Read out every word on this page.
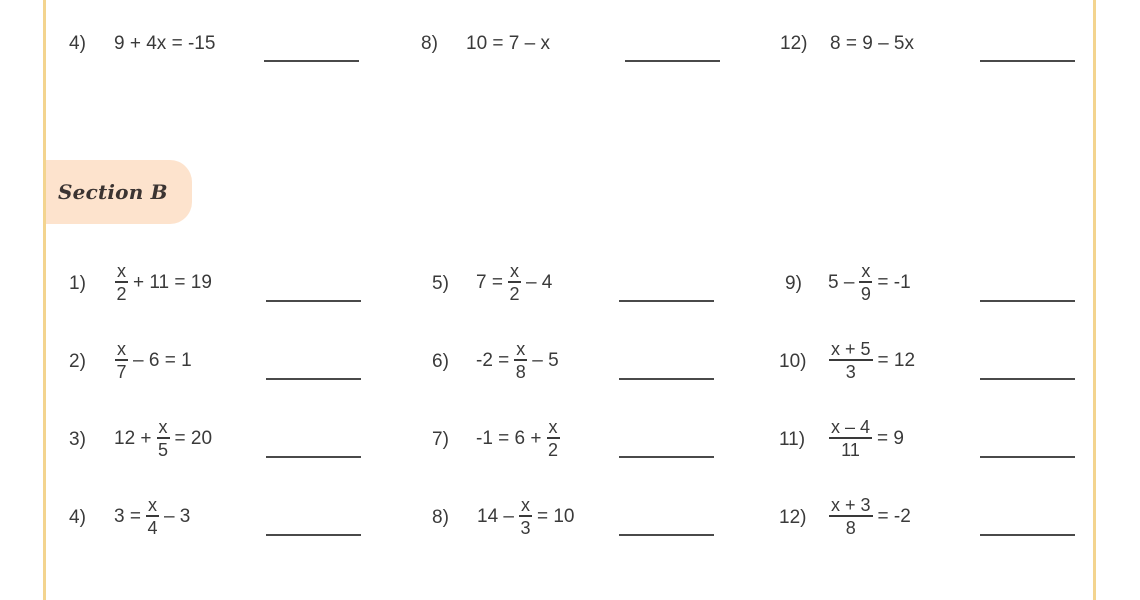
4) 9 + 4x = -15	8) 10 = 7 – x	12) 8 = 9 – 5x
Section B
$1) \frac{x}{2} + 11 = 19$
$2) \frac{x}{7} - 6 = 1$
3) $12 + \frac{x}{5} = 20$
4) $3 = \frac{x}{4} - 3$
5) $7 = \frac{x}{2} - 4$
6) $-2 = \frac{x}{8} - 5$
7) $-1 = 6 + \frac{x}{2}$
8) $14 - \frac{x}{3} = 10$
9) $5 - \frac{x}{9} = -1$
$10) \frac{x + 5}{3} = 12$
$11) \frac{x - 4}{11} = 9$
$12) \frac{x + 3}{8} = -2$
